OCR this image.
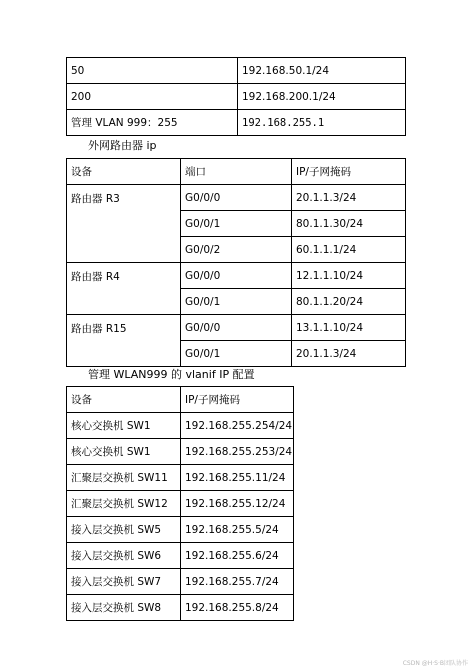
50	192.168.50.1/24
200	192.168.200.1/24
管理 VLAN 999：255	192.168.255.1
外网路由器 ip
设备	端口	IP/子网掩码
路由器 R3	G0/0/0	20.1.1.3/24
	G0/0/1	80.1.1.30/24
	G0/0/2	60.1.1.1/24
路由器 R4	G0/0/0	12.1.1.10/24
	G0/0/1	80.1.1.20/24
路由器 R15	G0/0/0	13.1.1.10/24
	G0/0/1	20.1.1.3/24
管理 WLAN999 的 vlanif IP 配置
设备	IP/子网掩码
核心交换机 SW1	192.168.255.254/24
核心交换机 SW1	192.168.255.253/24
汇聚层交换机 SW11	192.168.255.11/24
汇聚层交换机 SW12	192.168.255.12/24
接入层交换机 SW5	192.168.255.5/24
接入层交换机 SW6	192.168.255.6/24
接入层交换机 SW7	192.168.255.7/24
接入层交换机 SW8	192.168.255.8/24
CSDN @H·S·B团队协作
